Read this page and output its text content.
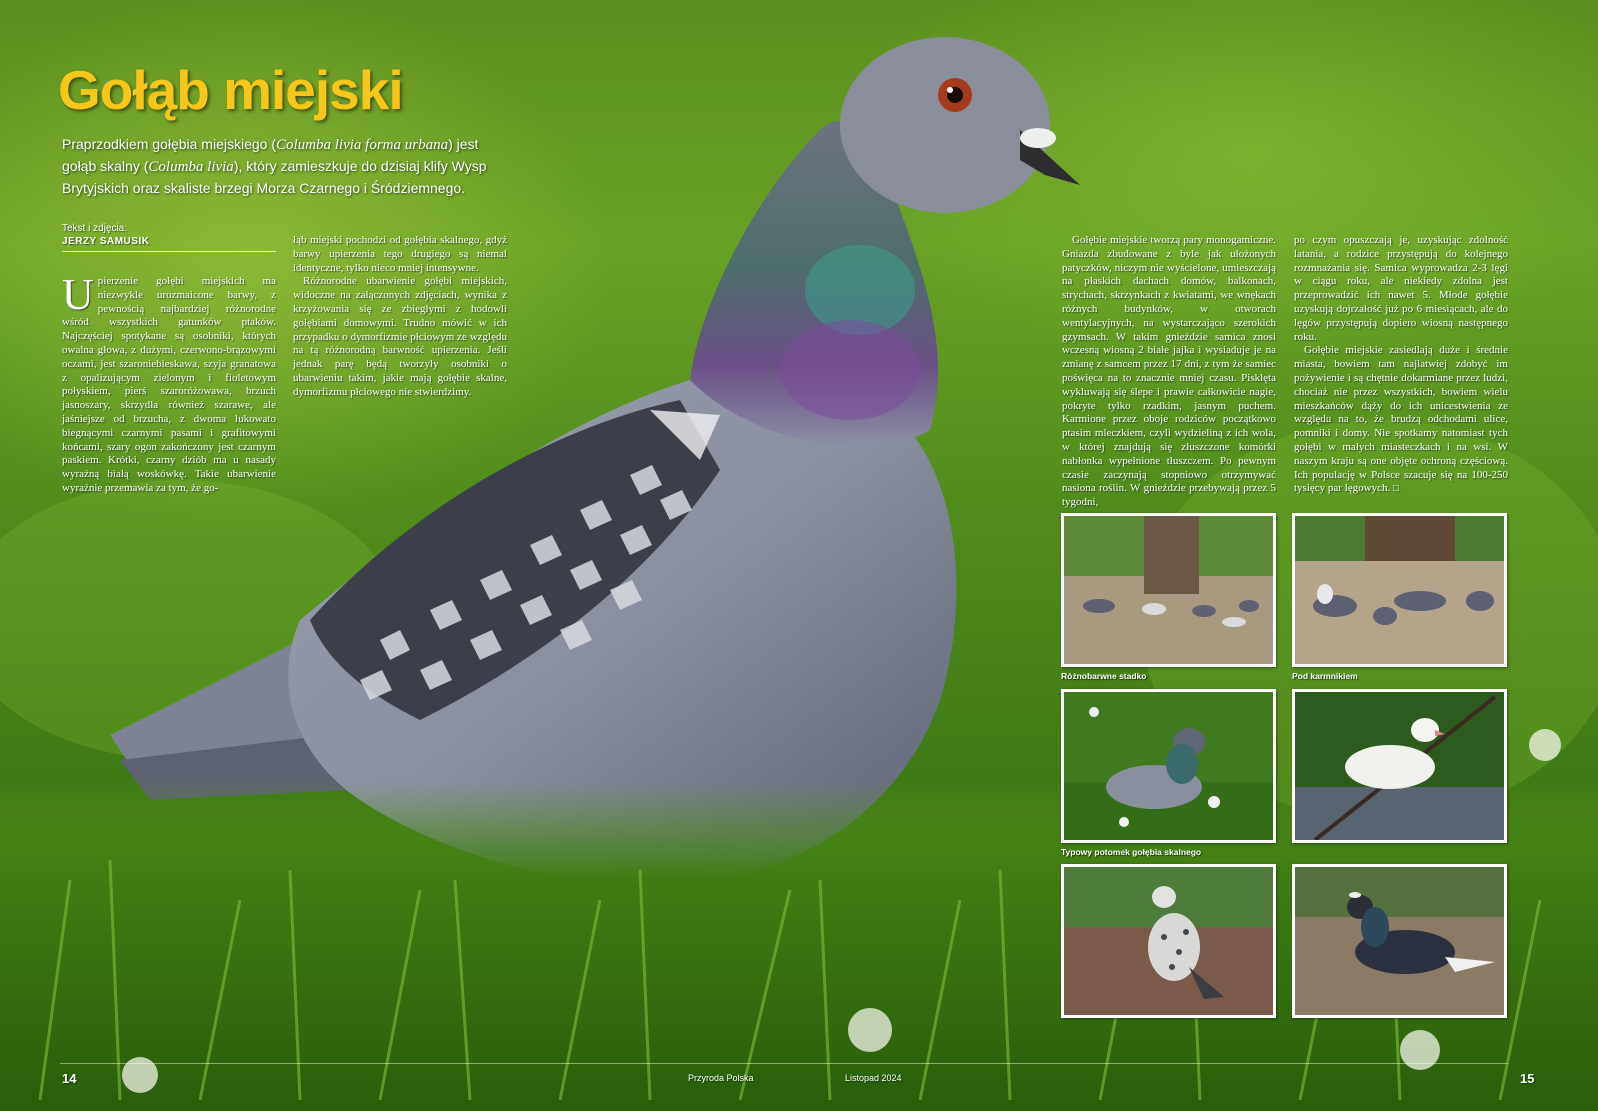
Gołąb miejski

Praprzodkiem gołębia miejskiego (Columba livia forma urbana) jest gołąb skalny (Columba livia), który zamieszkuje do dzisiaj klify Wysp Brytyjskich oraz skaliste brzegi Morza Czarnego i Śródziemnego.

Tekst i zdjęcia:
JERZY SAMUSIK

Upierzenie gołębi miejskich ma niezwykle urozmaicone barwy, z pewnością najbardziej różnorodne wśród wszystkich gatunków ptaków. Najczęściej spotykane są osobniki, których owalna głowa, z dużymi, czerwono-brązowymi oczami, jest szaroniebieskawa, szyja granatowa z opalizującym zielonym i fioletowym połyskiem, pierś szaroróżowawa, brzuch jasnoszary, skrzydła również szarawe, ale jaśniejsze od brzucha, z dwoma łukowato biegnącymi czarnymi pasami i grafitowymi końcami, szary ogon zakończony jest czarnym paskiem. Krótki, czarny dziób ma u nasady wyraźną białą woskówkę. Takie ubarwienie wyraźnie przemawia za tym, że go-

łąb miejski pochodzi od gołębia skalnego, gdyż barwy upierzenia tego drugiego są niemal identyczne, tylko nieco mniej intensywne.

Różnorodne ubarwienie gołębi miejskich, widoczne na załączonych zdjęciach, wynika z krzyżowania się ze zbiegłymi z hodowli gołębiami domowymi. Trudno mówić w ich przypadku o dymorfizmie płciowym ze względu na tą różnorodną barwność upierzenia. Jeśli jednak parę będą tworzyły osobniki o ubarwieniu takim, jakie mają gołębie skalne, dymorfizmu płciowego nie stwierdzimy.

Gołębie miejskie tworzą pary monogamiczne. Gniazda zbudowane z byle jak ułożonych patyczków, niczym nie wyścielone, umieszczają na płaskich dachach domów, balkonach, strychach, skrzynkach z kwiatami, we wnękach różnych budynków, w otworach wentylacyjnych, na wystarczająco szerokich gzymsach. W takim gnieździe samica znosi wczesną wiosną 2 białe jajka i wysiaduje je na zmianę z samcem przez 17 dni, z tym że samiec poświęca na to znacznie mniej czasu. Pisklęta wykluwają się ślepe i prawie całkowicie nagie, pokryte tylko rzadkim, jasnym puchem. Karmione przez oboje rodziców początkowo ptasim mleczkiem, czyli wydzieliną z ich wola, w której znajdują się złuszczone komórki nabłonka wypełnione tłuszczem. Po pewnym czasie zaczynają stopniowo otrzymywać nasiona roślin. W gnieździe przebywają przez 5 tygodni,

po czym opuszczają je, uzyskując zdolność latania, a rodzice przystępują do kolejnego rozmnażania się. Samica wyprowadza 2-3 lęgi w ciągu roku, ale niekiedy zdolna jest przeprowadzić ich nawet 5. Młode gołębie uzyskują dojrzałość już po 6 miesiącach, ale do lęgów przystępują dopiero wiosną następnego roku.

Gołębie miejskie zasiedlają duże i średnie miasta, bowiem tam najłatwiej zdobyć im pożywienie i są chętnie dokarmiane przez ludzi, chociaż nie przez wszystkich, bowiem wielu mieszkańców dąży do ich unicestwienia ze względu na to, że brudzą odchodami ulice, pomniki i domy. Nie spotkamy natomiast tych gołębi w małych miasteczkach i na wsi. W naszym kraju są one objęte ochroną częściową. Ich populację w Polsce szacuje się na 100-250 tysięcy par lęgowych. □

Różnobarwne stadko	Pod karmnikiem
Typowy potomek gołębia skalnego
14	Przyroda Polska	Listopad 2024	15
